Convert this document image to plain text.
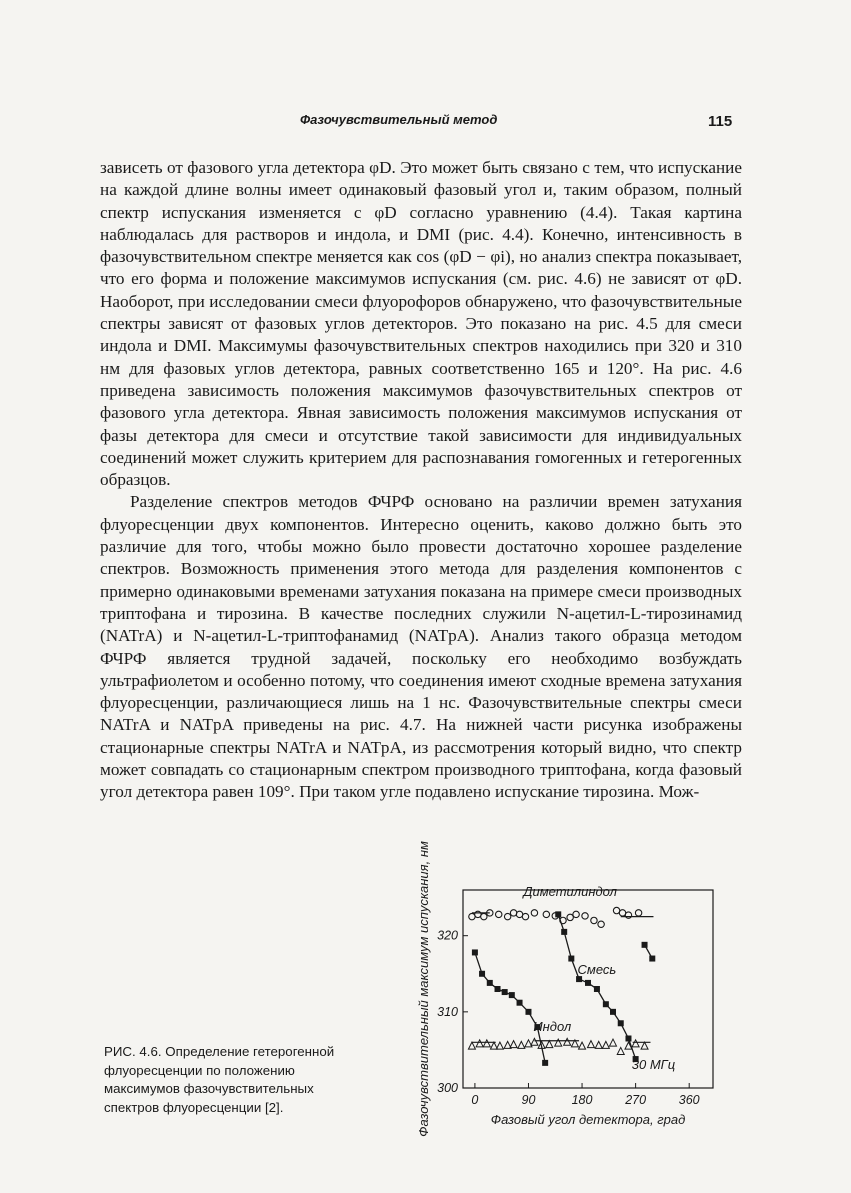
Фазочувствительный метод	115

зависеть от фазового угла детектора φD. Это может быть связано с тем, что испускание на каждой длине волны имеет одинаковый фазовый угол и, таким образом, полный спектр испускания изменяется с φD согласно уравнению (4.4). Такая картина наблюдалась для растворов и индола, и DMI (рис. 4.4). Конечно, интенсивность в фазочувствительном спектре меняется как cos (φD − φi), но анализ спектра показывает, что его форма и положение максимумов испускания (см. рис. 4.6) не зависят от φD. Наоборот, при исследовании смеси флуорофоров обнаружено, что фазочувствительные спектры зависят от фазовых углов детекторов. Это показано на рис. 4.5 для смеси индола и DMI. Максимумы фазочувствительных спектров находились при 320 и 310 нм для фазовых углов детектора, равных соответственно 165 и 120°. На рис. 4.6 приведена зависимость положения максимумов фазочувствительных спектров от фазового угла детектора. Явная зависимость положения максимумов испускания от фазы детектора для смеси и отсутствие такой зависимости для индивидуальных соединений может служить критерием для распознавания гомогенных и гетерогенных образцов.

Разделение спектров методов ФЧРФ основано на различии времен затухания флуоресценции двух компонентов. Интересно оценить, каково должно быть это различие для того, чтобы можно было провести достаточно хорошее разделение спектров. Возможность применения этого метода для разделения компонентов с примерно одинаковыми временами затухания показана на примере смеси производных триптофана и тирозина. В качестве последних служили N-ацетил-L-тирозинамид (NATrA) и N-ацетил-L-триптофанамид (NATpA). Анализ такого образца методом ФЧРФ является трудной задачей, поскольку его необходимо возбуждать ультрафиолетом и особенно потому, что соединения имеют сходные времена затухания флуоресценции, различающиеся лишь на 1 нс. Фазочувствительные спектры смеси NATrA и NATpA приведены на рис. 4.7. На нижней части рисунка изображены стационарные спектры NATrA и NATpA, из рассмотрения который видно, что спектр может совпадать со стационарным спектром производного триптофана, когда фазовый угол детектора равен 109°. При таком угле подавлено испускание тирозина. Мож-

0	90	180	270	360
300
310
320
Фазовый угол детектора, град
Фазочувствительный максимум испускания, нм	Диметилиндол
Смесь
Индол
30 МГц
РИС. 4.6. Определение гетерогенной флуоресценции по положению максимумов фазочувствительных спектров флуоресценции [2].
